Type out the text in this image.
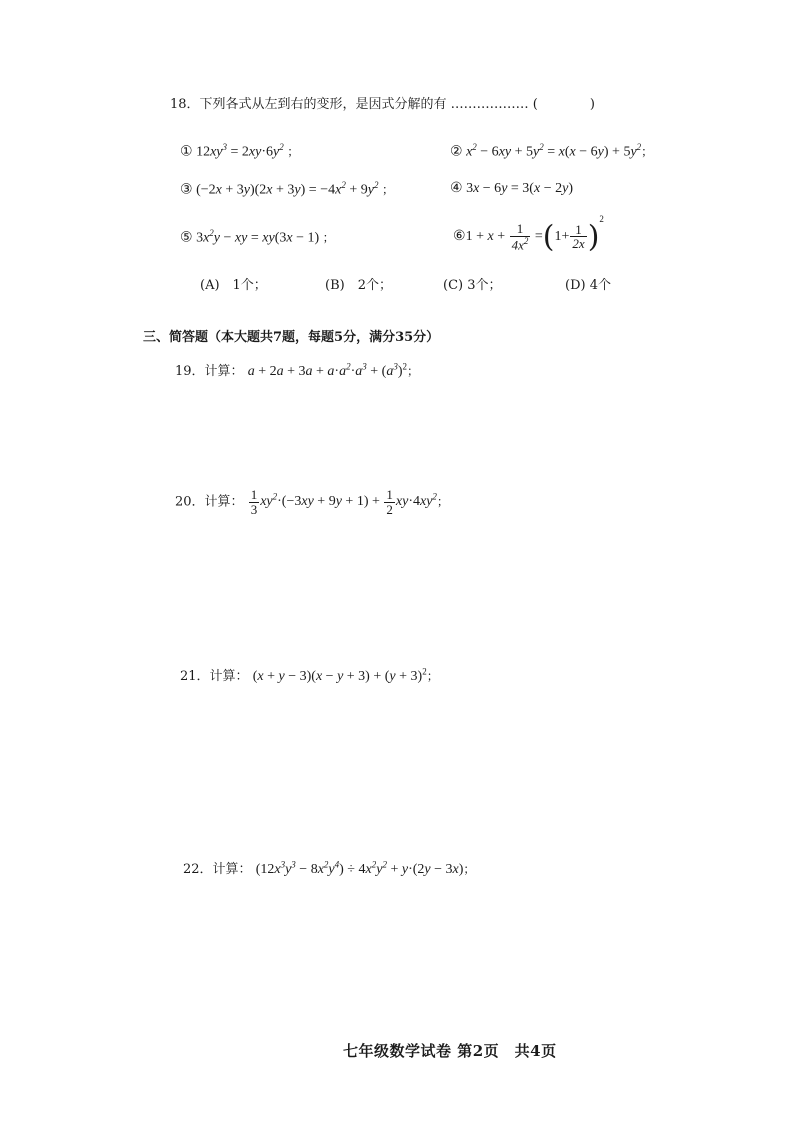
18．下列各式从左到右的变形，是因式分解的有 ……………… (　　　　)
① $12xy^3 = 2xy\cdot 6y^2$ ；	② $x^2 - 6xy + 5y^2 = x(x - 6y) + 5y^2$；
③ $(-2x + 3y)(2x + 3y) = -4x^2 + 9y^2$ ；	④ 3x − 6y = 3(x − 2y)
⑤ $3x^2y$ − xy = xy(3x − 1) ；	⑥1 + $x + \frac{1}{4x^2} =(1+ \frac{1}{2x} )^2$
(A)　1个；	(B)　2个；	(C) 3个；	(D) 4个
三、简答题（本大题共7题，每题5分，满分35分）
19．计算： $a + 2a + 3a + a\cdot a^2\cdot a^3 + (a^3)^2$；
20．计算： $\frac{1}{3} xy^2\cdot(-3xy + 9y + 1) + \frac{1}{2} xy\cdot 4xy^2$；
21．计算： $(x + y - 3)(x - y + 3) + (y + 3)^2$；
22．计算： $(12x^3y^3 - 8x^2y^4) \div 4x^2y^2 + y\cdot(2y - 3x)$；
七年级数学试卷 第2页　共4页
